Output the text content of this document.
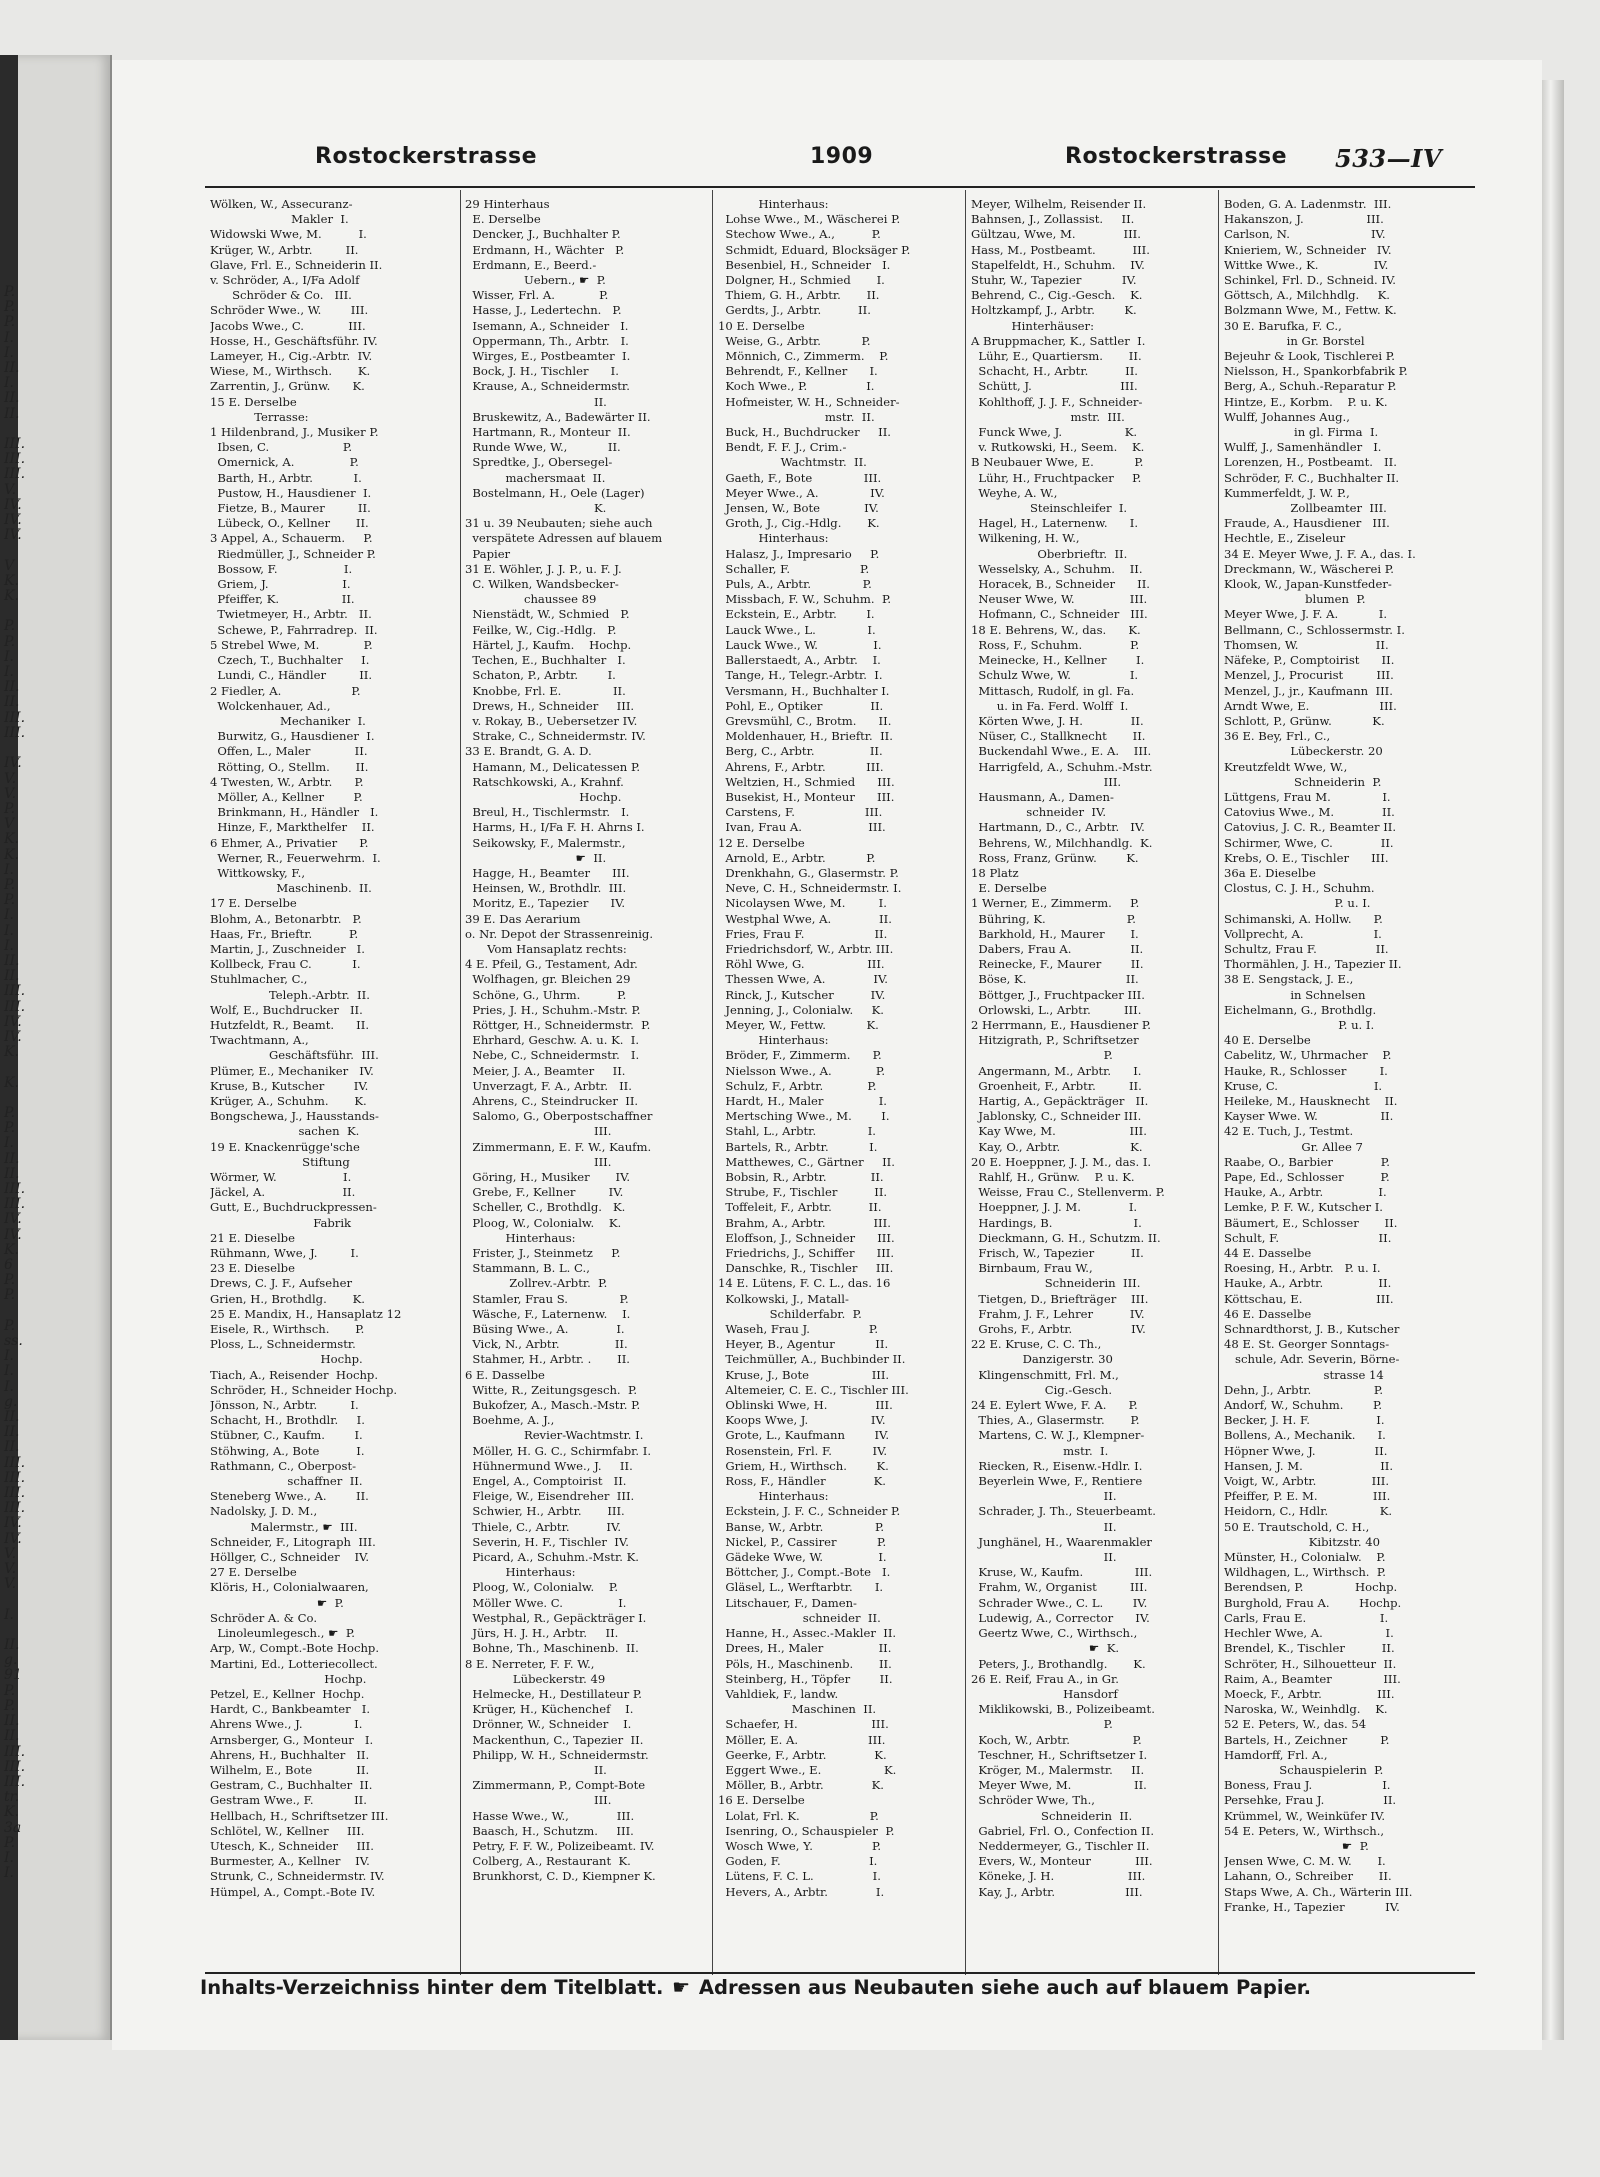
P.
P.
P.
I.
I.
II.
I.
II.
II.

III.
III.
III.
V.
IV.
IV.
IV.

V
K.
K.

P.
P.
I.
I.
II.
II.
III.
III.

IV.
V.
V.
P.
V
K.
K.
I.
P.
P.
I.
I.
I.
II.
II.
III.
III.
IV.
IV.
K.

K.

P.
P.
I.
II.
II.
III.
III.
IV.
IV.
K.
6
P.
P.

P.
ss.
I.
I.
I.
g.
II.
II.
II.
III.
III.
III.
III.
IV.
IV.
V.
V.
V.

I.

II.
g.
91
P.
P.
II.
II.
III.
III.
III.
tr.
K.
3a
P.
I.
I.
Rostockerstrasse	1909	Rostockerstrasse 533—IV
Wölken, W., Assecuranz-
Makler  I.
Widowski Wwe, M.          I.
Krüger, W., Arbtr.         II.
Glave, Frl. E., Schneiderin II.
v. Schröder, A., I/Fa Adolf
Schröder & Co.   III.
Schröder Wwe., W.        III.
Jacobs Wwe., C.            III.
Hosse, H., Geschäftsführ. IV.
Lameyer, H., Cig.-Arbtr.  IV.
Wiese, M., Wirthsch.       K.
Zarrentin, J., Grünw.      K.
15 E. Derselbe
Terrasse:
1 Hildenbrand, J., Musiker P.
Ibsen, C.                    P.
Omernick, A.               P.
Barth, H., Arbtr.           I.
Pustow, H., Hausdiener  I.
Fietze, B., Maurer         II.
Lübeck, O., Kellner       II.
3 Appel, A., Schauerm.     P.
Riedmüller, J., Schneider P.
Bossow, F.                  I.
Griem, J.                    I.
Pfeiffer, K.                 II.
Twietmeyer, H., Arbtr.   II.
Schewe, P., Fahrradrep.  II.
5 Strebel Wwe, M.            P.
Czech, T., Buchhalter     I.
Lundi, C., Händler         II.
2 Fiedler, A.                   P.
Wolckenhauer, Ad.,
Mechaniker  I.
Burwitz, G., Hausdiener  I.
Offen, L., Maler            II.
Rötting, O., Stellm.       II.
4 Twesten, W., Arbtr.      P.
Möller, A., Kellner        P.
Brinkmann, H., Händler   I.
Hinze, F., Markthelfer    II.
6 Ehmer, A., Privatier      P.
Werner, R., Feuerwehrm.  I.
Wittkowsky, F.,
Maschinenb.  II.
17 E. Derselbe
Blohm, A., Betonarbtr.   P.
Haas, Fr., Brieftr.          P.
Martin, J., Zuschneider   I.
Kollbeck, Frau C.           I.
Stuhlmacher, C.,
Teleph.-Arbtr.  II.
Wolf, E., Buchdrucker   II.
Hutzfeldt, R., Beamt.      II.
Twachtmann, A.,
Geschäftsführ.  III.
Plümer, E., Mechaniker   IV.
Kruse, B., Kutscher        IV.
Krüger, A., Schuhm.       K.
Bongschewa, J., Hausstands-
sachen  K.
19 E. Knackenrügge'sche
Stiftung
Wörmer, W.                  I.
Jäckel, A.                     II.
Gutt, E., Buchdruckpressen-
Fabrik
21 E. Dieselbe
Rühmann, Wwe, J.         I.
23 E. Dieselbe
Drews, C. J. F., Aufseher
Grien, H., Brothdlg.       K.
25 E. Mandix, H., Hansaplatz 12
Eisele, R., Wirthsch.       P.
Ploss, L., Schneidermstr.
Hochp.
Tiach, A., Reisender  Hochp.
Schröder, H., Schneider Hochp.
Jönsson, N., Arbtr.         I.
Schacht, H., Brothdlr.     I.
Stübner, C., Kaufm.        I.
Stöhwing, A., Bote          I.
Rathmann, C., Oberpost-
schaffner  II.
Steneberg Wwe., A.        II.
Nadolsky, J. D. M.,
Malermstr., ☛  III.
Schneider, F., Litograph  III.
Höllger, C., Schneider    IV.
27 E. Derselbe
Klöris, H., Colonialwaaren,
☛  P.
Schröder A. & Co.
Linoleumlegesch., ☛  P.
Arp, W., Compt.-Bote Hochp.
Martini, Ed., Lotteriecollect.
Hochp.
Petzel, E., Kellner  Hochp.
Hardt, C., Bankbeamter   I.
Ahrens Wwe., J.              I.
Arnsberger, G., Monteur   I.
Ahrens, H., Buchhalter   II.
Wilhelm, E., Bote            II.
Gestram, C., Buchhalter  II.
Gestram Wwe., F.           II.
Hellbach, H., Schriftsetzer III.
Schlötel, W., Kellner     III.
Utesch, K., Schneider     III.
Burmester, A., Kellner    IV.
Strunk, C., Schneidermstr. IV.
Hümpel, A., Compt.-Bote IV.
29 Hinterhaus
E. Derselbe
Dencker, J., Buchhalter P.
Erdmann, H., Wächter   P.
Erdmann, E., Beerd.-
Uebern., ☛  P.
Wisser, Frl. A.            P.
Hasse, J., Ledertechn.   P.
Isemann, A., Schneider   I.
Oppermann, Th., Arbtr.   I.
Wirges, E., Postbeamter  I.
Bock, J. H., Tischler      I.
Krause, A., Schneidermstr.
II.
Bruskewitz, A., Badewärter II.
Hartmann, R., Monteur  II.
Runde Wwe, W.,           II.
Spredtke, J., Obersegel-
machersmaat  II.
Bostelmann, H., Oele (Lager)
K.
31 u. 39 Neubauten; siehe auch
verspätete Adressen auf blauem
Papier
31 E. Wöhler, J. J. P., u. F. J.
C. Wilken, Wandsbecker-
chaussee 89
Nienstädt, W., Schmied   P.
Feilke, W., Cig.-Hdlg.   P.
Härtel, J., Kaufm.    Hochp.
Techen, E., Buchhalter   I.
Schaton, P., Arbtr.        I.
Knobbe, Frl. E.              II.
Drews, H., Schneider     III.
v. Rokay, B., Uebersetzer IV.
Strake, C., Schneidermstr. IV.
33 E. Brandt, G. A. D.
Hamann, M., Delicatessen P.
Ratschkowski, A., Krahnf.
Hochp.
Breul, H., Tischlermstr.   I.
Harms, H., I/Fa F. H. Ahrns I.
Seikowsky, F., Malermstr.,
☛  II.
Hagge, H., Beamter      III.
Heinsen, W., Brothdlr.  III.
Moritz, E., Tapezier      IV.
39 E. Das Aerarium
o. Nr. Depot der Strassenreinig.
Vom Hansaplatz rechts:
4 E. Pfeil, G., Testament, Adr.
Wolfhagen, gr. Bleichen 29
Schöne, G., Uhrm.          P.
Pries, J. H., Schuhm.-Mstr. P.
Röttger, H., Schneidermstr.  P.
Ehrhard, Geschw. A. u. K.  I.
Nebe, C., Schneidermstr.   I.
Meier, J. A., Beamter     II.
Unverzagt, F. A., Arbtr.   II.
Ahrens, C., Steindrucker  II.
Salomo, G., Oberpostschaffner
III.
Zimmermann, E. F. W., Kaufm.
III.
Göring, H., Musiker       IV.
Grebe, F., Kellner         IV.
Scheller, C., Brothdlg.   K.
Ploog, W., Colonialw.    K.
Hinterhaus:
Frister, J., Steinmetz     P.
Stammann, B. L. C.,
Zollrev.-Arbtr.  P.
Stamler, Frau S.              P.
Wäsche, F., Laternenw.    I.
Büsing Wwe., A.             I.
Vick, N., Arbtr.               II.
Stahmer, H., Arbtr. .       II.
6 E. Dasselbe
Witte, R., Zeitungsgesch.  P.
Bukofzer, A., Masch.-Mstr. P.
Boehme, A. J.,
Revier-Wachtmstr. I.
Möller, H. G. C., Schirmfabr. I.
Hühnermund Wwe., J.     II.
Engel, A., Comptoirist   II.
Fleige, W., Eisendreher  III.
Schwier, H., Arbtr.       III.
Thiele, C., Arbtr.          IV.
Severin, H. F., Tischler  IV.
Picard, A., Schuhm.-Mstr. K.
Hinterhaus:
Ploog, W., Colonialw.    P.
Möller Wwe. C.               I.
Westphal, R., Gepäckträger I.
Jürs, H. J. H., Arbtr.     II.
Bohne, Th., Maschinenb.  II.
8 E. Nerreter, F. F. W.,
Lübeckerstr. 49
Helmecke, H., Destillateur P.
Krüger, H., Küchenchef    I.
Drönner, W., Schneider    I.
Mackenthun, C., Tapezier  II.
Philipp, W. H., Schneidermstr.
II.
Zimmermann, P., Compt-Bote
III.
Hasse Wwe., W.,             III.
Baasch, H., Schutzm.     III.
Petry, F. F. W., Polizeibeamt. IV.
Colberg, A., Restaurant  K.
Brunkhorst, C. D., Kiempner K.
Hinterhaus:
Lohse Wwe., M., Wäscherei P.
Stechow Wwe., A.,          P.
Schmidt, Eduard, Blocksäger P.
Besenbiel, H., Schneider   I.
Dolgner, H., Schmied       I.
Thiem, G. H., Arbtr.       II.
Gerdts, J., Arbtr.          II.
10 E. Derselbe
Weise, G., Arbtr.           P.
Mönnich, C., Zimmerm.    P.
Behrendt, F., Kellner      I.
Koch Wwe., P.                I.
Hofmeister, W. H., Schneider-
mstr.  II.
Buck, H., Buchdrucker     II.
Bendt, F. F. J., Crim.-
Wachtmstr.  II.
Gaeth, F., Bote              III.
Meyer Wwe., A.              IV.
Jensen, W., Bote            IV.
Groth, J., Cig.-Hdlg.       K.
Hinterhaus:
Halasz, J., Impresario     P.
Schaller, F.                   P.
Puls, A., Arbtr.              P.
Missbach, F. W., Schuhm.  P.
Eckstein, E., Arbtr.        I.
Lauck Wwe., L.              I.
Lauck Wwe., W.               I.
Ballerstaedt, A., Arbtr.    I.
Tange, H., Telegr.-Arbtr.  I.
Versmann, H., Buchhalter I.
Pohl, E., Optiker             II.
Grevsmühl, C., Brotm.      II.
Moldenhauer, H., Brieftr.  II.
Berg, C., Arbtr.               II.
Ahrens, F., Arbtr.           III.
Weltzien, H., Schmied      III.
Busekist, H., Monteur      III.
Carstens, F.                   III.
Ivan, Frau A.                  III.
12 E. Derselbe
Arnold, E., Arbtr.           P.
Drenkhahn, G., Glasermstr. P.
Neve, C. H., Schneidermstr. I.
Nicolaysen Wwe, M.         I.
Westphal Wwe, A.             II.
Fries, Frau F.                   II.
Friedrichsdorf, W., Arbtr. III.
Röhl Wwe, G.                 III.
Thessen Wwe, A.             IV.
Rinck, J., Kutscher          IV.
Jenning, J., Colonialw.     K.
Meyer, W., Fettw.           K.
Hinterhaus:
Bröder, F., Zimmerm.      P.
Nielsson Wwe., A.            P.
Schulz, F., Arbtr.            P.
Hardt, H., Maler               I.
Mertsching Wwe., M.        I.
Stahl, L., Arbtr.              I.
Bartels, R., Arbtr.           I.
Matthewes, C., Gärtner     II.
Bobsin, R., Arbtr.            II.
Strube, F., Tischler          II.
Toffeleit, F., Arbtr.          II.
Brahm, A., Arbtr.             III.
Eloffson, J., Schneider      III.
Friedrichs, J., Schiffer      III.
Danschke, R., Tischler     III.
14 E. Lütens, F. C. L., das. 16
Kolkowski, J., Matall-
Schilderfabr.  P.
Waseh, Frau J.                P.
Heyer, B., Agentur           II.
Teichmüller, A., Buchbinder II.
Kruse, J., Bote                 III.
Altemeier, C. E. C., Tischler III.
Oblinski Wwe, H.             III.
Koops Wwe, J.                 IV.
Grote, L., Kaufmann        IV.
Rosenstein, Frl. F.           IV.
Griem, H., Wirthsch.        K.
Ross, F., Händler             K.
Hinterhaus:
Eckstein, J. F. C., Schneider P.
Banse, W., Arbtr.              P.
Nickel, P., Cassirer           P.
Gädeke Wwe, W.               I.
Böttcher, J., Compt.-Bote   I.
Gläsel, L., Werftarbtr.      I.
Litschauer, F., Damen-
schneider  II.
Hanne, H., Assec.-Makler  II.
Drees, H., Maler               II.
Pöls, H., Maschinenb.       II.
Steinberg, H., Töpfer        II.
Vahldiek, F., landw.
Maschinen  II.
Schaefer, H.                    III.
Möller, E. A.                   III.
Geerke, F., Arbtr.             K.
Eggert Wwe., E.                 K.
Möller, B., Arbtr.             K.
16 E. Derselbe
Lolat, Frl. K.                   P.
Isenring, O., Schauspieler  P.
Wosch Wwe, Y.                P.
Goden, F.                        I.
Lütens, F. C. L.                I.
Hevers, A., Arbtr.             I.
Meyer, Wilhelm, Reisender II.
Bahnsen, J., Zollassist.     II.
Gültzau, Wwe, M.             III.
Hass, M., Postbeamt.          III.
Stapelfeldt, H., Schuhm.    IV.
Stuhr, W., Tapezier           IV.
Behrend, C., Cig.-Gesch.    K.
Holtzkampf, J., Arbtr.        K.
Hinterhäuser:
A Bruppmacher, K., Sattler  I.
Lühr, E., Quartiersm.       II.
Schacht, H., Arbtr.          II.
Schütt, J.                        III.
Kohlthoff, J. J. F., Schneider-
mstr.  III.
Funck Wwe, J.                 K.
v. Rutkowski, H., Seem.    K.
B Neubauer Wwe, E.           P.
Lühr, H., Fruchtpacker     P.
Weyhe, A. W.,
Steinschleifer  I.
Hagel, H., Laternenw.      I.
Wilkening, H. W.,
Oberbrieftr.  II.
Wesselsky, A., Schuhm.    II.
Horacek, B., Schneider      II.
Neuser Wwe, W.               III.
Hofmann, C., Schneider   III.
18 E. Behrens, W., das.      K.
Ross, F., Schuhm.             P.
Meinecke, H., Kellner        I.
Schulz Wwe, W.                I.
Mittasch, Rudolf, in gl. Fa.
u. in Fa. Ferd. Wolff  I.
Körten Wwe, J. H.             II.
Nüser, C., Stallknecht       II.
Buckendahl Wwe., E. A.    III.
Harrigfeld, A., Schuhm.-Mstr.
III.
Hausmann, A., Damen-
schneider  IV.
Hartmann, D., C., Arbtr.   IV.
Behrens, W., Milchhandlg.  K.
Ross, Franz, Grünw.        K.
18 Platz
E. Derselbe
1 Werner, E., Zimmerm.     P.
Bühring, K.                      P.
Barkhold, H., Maurer       I.
Dabers, Frau A.                II.
Reinecke, F., Maurer        II.
Böse, K.                           II.
Böttger, J., Fruchtpacker III.
Orlowski, L., Arbtr.         III.
2 Herrmann, E., Hausdiener P.
Hitzigrath, P., Schriftsetzer
P.
Angermann, M., Arbtr.      I.
Groenheit, F., Arbtr.         II.
Hartig, A., Gepäckträger   II.
Jablonsky, C., Schneider III.
Kay Wwe, M.                    III.
Kay, O., Arbtr.                   K.
20 E. Hoeppner, J. J. M., das. I.
Rahlf, H., Grünw.    P. u. K.
Weisse, Frau C., Stellenverm. P.
Hoeppner, J. J. M.             I.
Hardings, B.                      I.
Dieckmann, G. H., Schutzm. II.
Frisch, W., Tapezier          II.
Birnbaum, Frau W.,
Schneiderin  III.
Tietgen, D., Briefträger    III.
Frahm, J. F., Lehrer          IV.
Grohs, F., Arbtr.                IV.
22 E. Kruse, C. C. Th.,
Danzigerstr. 30
Klingenschmitt, Frl. M.,
Cig.-Gesch.
24 E. Eylert Wwe, F. A.      P.
Thies, A., Glasermstr.       P.
Martens, C. W. J., Klempner-
mstr.  I.
Riecken, R., Eisenw.-Hdlr. I.
Beyerlein Wwe, F., Rentiere
II.
Schrader, J. Th., Steuerbeamt.
II.
Junghänel, H., Waarenmakler
II.
Kruse, W., Kaufm.              III.
Frahm, W., Organist         III.
Schrader Wwe., C. L.        IV.
Ludewig, A., Corrector      IV.
Geertz Wwe, C., Wirthsch.,
☛  K.
Peters, J., Brothandlg.       K.
26 E. Reif, Frau A., in Gr.
Hansdorf
Miklikowski, B., Polizeibeamt.
P.
Koch, W., Arbtr.                 P.
Teschner, H., Schriftsetzer I.
Kröger, M., Malermstr.     II.
Meyer Wwe, M.                 II.
Schröder Wwe, Th.,
Schneiderin  II.
Gabriel, Frl. O., Confection II.
Neddermeyer, G., Tischler II.
Evers, W., Monteur            III.
Köneke, J. H.                    III.
Kay, J., Arbtr.                   III.
Boden, G. A. Ladenmstr.  III.
Hakanszon, J.                 III.
Carlson, N.                      IV.
Knieriem, W., Schneider   IV.
Wittke Wwe., K.               IV.
Schinkel, Frl. D., Schneid. IV.
Göttsch, A., Milchhdlg.     K.
Bolzmann Wwe, M., Fettw. K.
30 E. Barufka, F. C.,
in Gr. Borstel
Bejeuhr & Look, Tischlerei P.
Nielsson, H., Spankorbfabrik P.
Berg, A., Schuh.-Reparatur P.
Hintze, E., Korbm.    P. u. K.
Wulff, Johannes Aug.,
in gl. Firma  I.
Wulff, J., Samenhändler   I.
Lorenzen, H., Postbeamt.   II.
Schröder, F. C., Buchhalter II.
Kummerfeldt, J. W. P.,
Zollbeamter  III.
Fraude, A., Hausdiener   III.
Hechtle, E., Ziseleur
34 E. Meyer Wwe, J. F. A., das. I.
Dreckmann, W., Wäscherei P.
Klook, W., Japan-Kunstfeder-
blumen  P.
Meyer Wwe, J. F. A.           I.
Bellmann, C., Schlossermstr. I.
Thomsen, W.                     II.
Näfeke, P., Comptoirist      II.
Menzel, J., Procurist         III.
Menzel, J., jr., Kaufmann  III.
Arndt Wwe, E.                   III.
Schlott, P., Grünw.           K.
36 E. Bey, Frl., C.,
Lübeckerstr. 20
Kreutzfeldt Wwe, W.,
Schneiderin  P.
Lüttgens, Frau M.              I.
Catovius Wwe., M.             II.
Catovius, J. C. R., Beamter II.
Schirmer, Wwe, C.             II.
Krebs, O. E., Tischler      III.
36a E. Dieselbe
Clostus, C. J. H., Schuhm.
P. u. I.
Schimanski, A. Hollw.      P.
Vollprecht, A.                   I.
Schultz, Frau F.                II.
Thormählen, J. H., Tapezier II.
38 E. Sengstack, J. E.,
in Schnelsen
Eichelmann, G., Brothdlg.
P. u. I.
40 E. Derselbe
Cabelitz, W., Uhrmacher    P.
Hauke, R., Schlosser         I.
Kruse, C.                          I.
Heileke, M., Hausknecht    II.
Kayser Wwe. W.                 II.
42 E. Tuch, J., Testmt.
Gr. Allee 7
Raabe, O., Barbier             P.
Pape, Ed., Schlosser          P.
Hauke, A., Arbtr.               I.
Lemke, P. F. W., Kutscher I.
Bäumert, E., Schlosser       II.
Schult, F.                           II.
44 E. Dasselbe
Roesing, H., Arbtr.   P. u. I.
Hauke, A., Arbtr.               II.
Köttschau, E.                    III.
46 E. Dasselbe
Schnardthorst, J. B., Kutscher
48 E. St. Georger Sonntags-
schule, Adr. Severin, Börne-
strasse 14
Dehn, J., Arbtr.                 P.
Andorf, W., Schuhm.        P.
Becker, J. H. F.                  I.
Bollens, A., Mechanik.      I.
Höpner Wwe, J.                II.
Hansen, J. M.                     II.
Voigt, W., Arbtr.               III.
Pfeiffer, P. E. M.               III.
Heidorn, C., Hdlr.              K.
50 E. Trautschold, C. H.,
Kibitzstr. 40
Münster, H., Colonialw.    P.
Wildhagen, L., Wirthsch.  P.
Berendsen, P.              Hochp.
Burghold, Frau A.        Hochp.
Carls, Frau E.                    I.
Hechler Wwe, A.                 I.
Brendel, K., Tischler          II.
Schröter, H., Silhouetteur  II.
Raim, A., Beamter              III.
Moeck, F., Arbtr.               III.
Naroska, W., Weinhdlg.    K.
52 E. Peters, W., das. 54
Bartels, H., Zeichner         P.
Hamdorff, Frl. A.,
Schauspielerin  P.
Boness, Frau J.                   I.
Persehke, Frau J.                II.
Krümmel, W., Weinküfer IV.
54 E. Peters, W., Wirthsch.,
☛  P.
Jensen Wwe, C. M. W.       I.
Lahann, O., Schreiber       II.
Staps Wwe, A. Ch., Wärterin III.
Franke, H., Tapezier           IV.
Inhalts-Verzeichniss hinter dem Titelblatt. ☛ Adressen aus Neubauten siehe auch auf blauem Papier.
